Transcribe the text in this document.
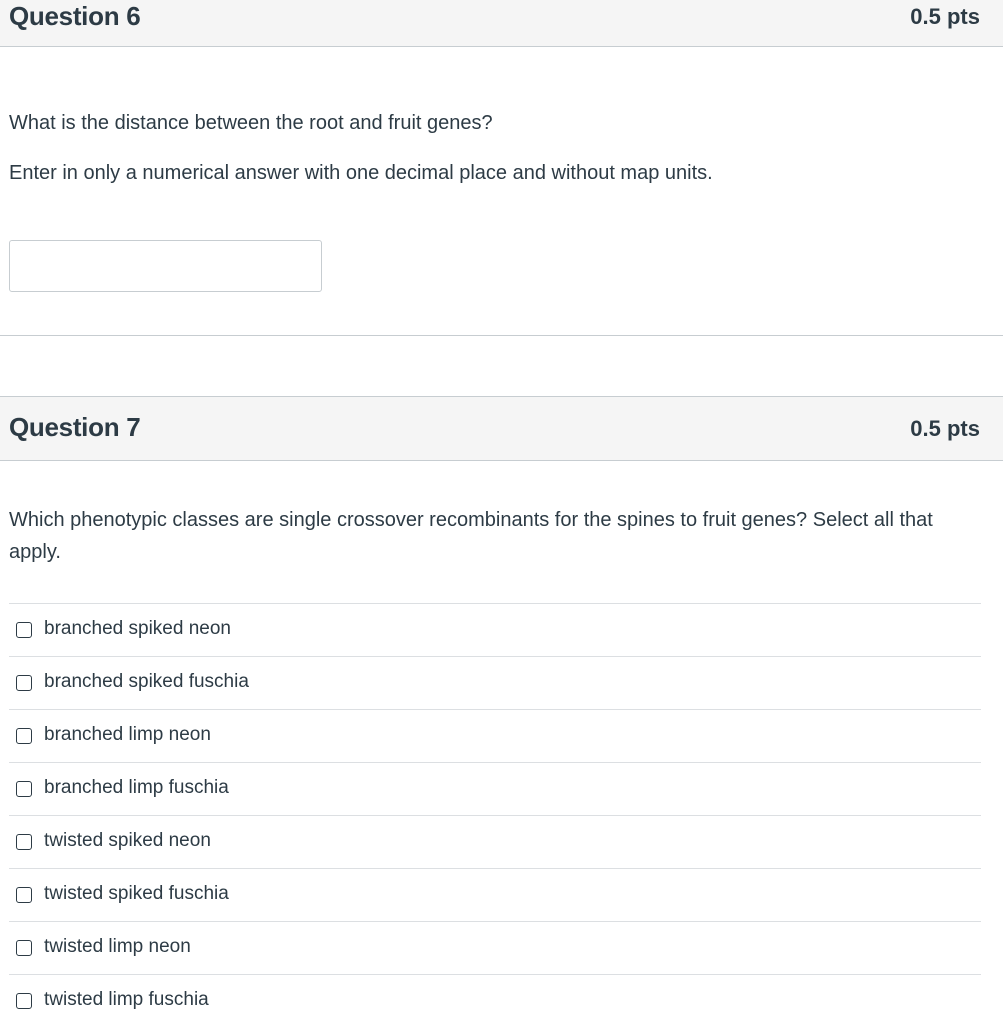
Question 6	0.5 pts
What is the distance between the root and fruit genes?
Enter in only a numerical answer with one decimal place and without map units.
Question 7	0.5 pts
Which phenotypic classes are single crossover recombinants for the spines to fruit genes? Select all that apply.
branched spiked neon
branched spiked fuschia
branched limp neon
branched limp fuschia
twisted spiked neon
twisted spiked fuschia
twisted limp neon
twisted limp fuschia
